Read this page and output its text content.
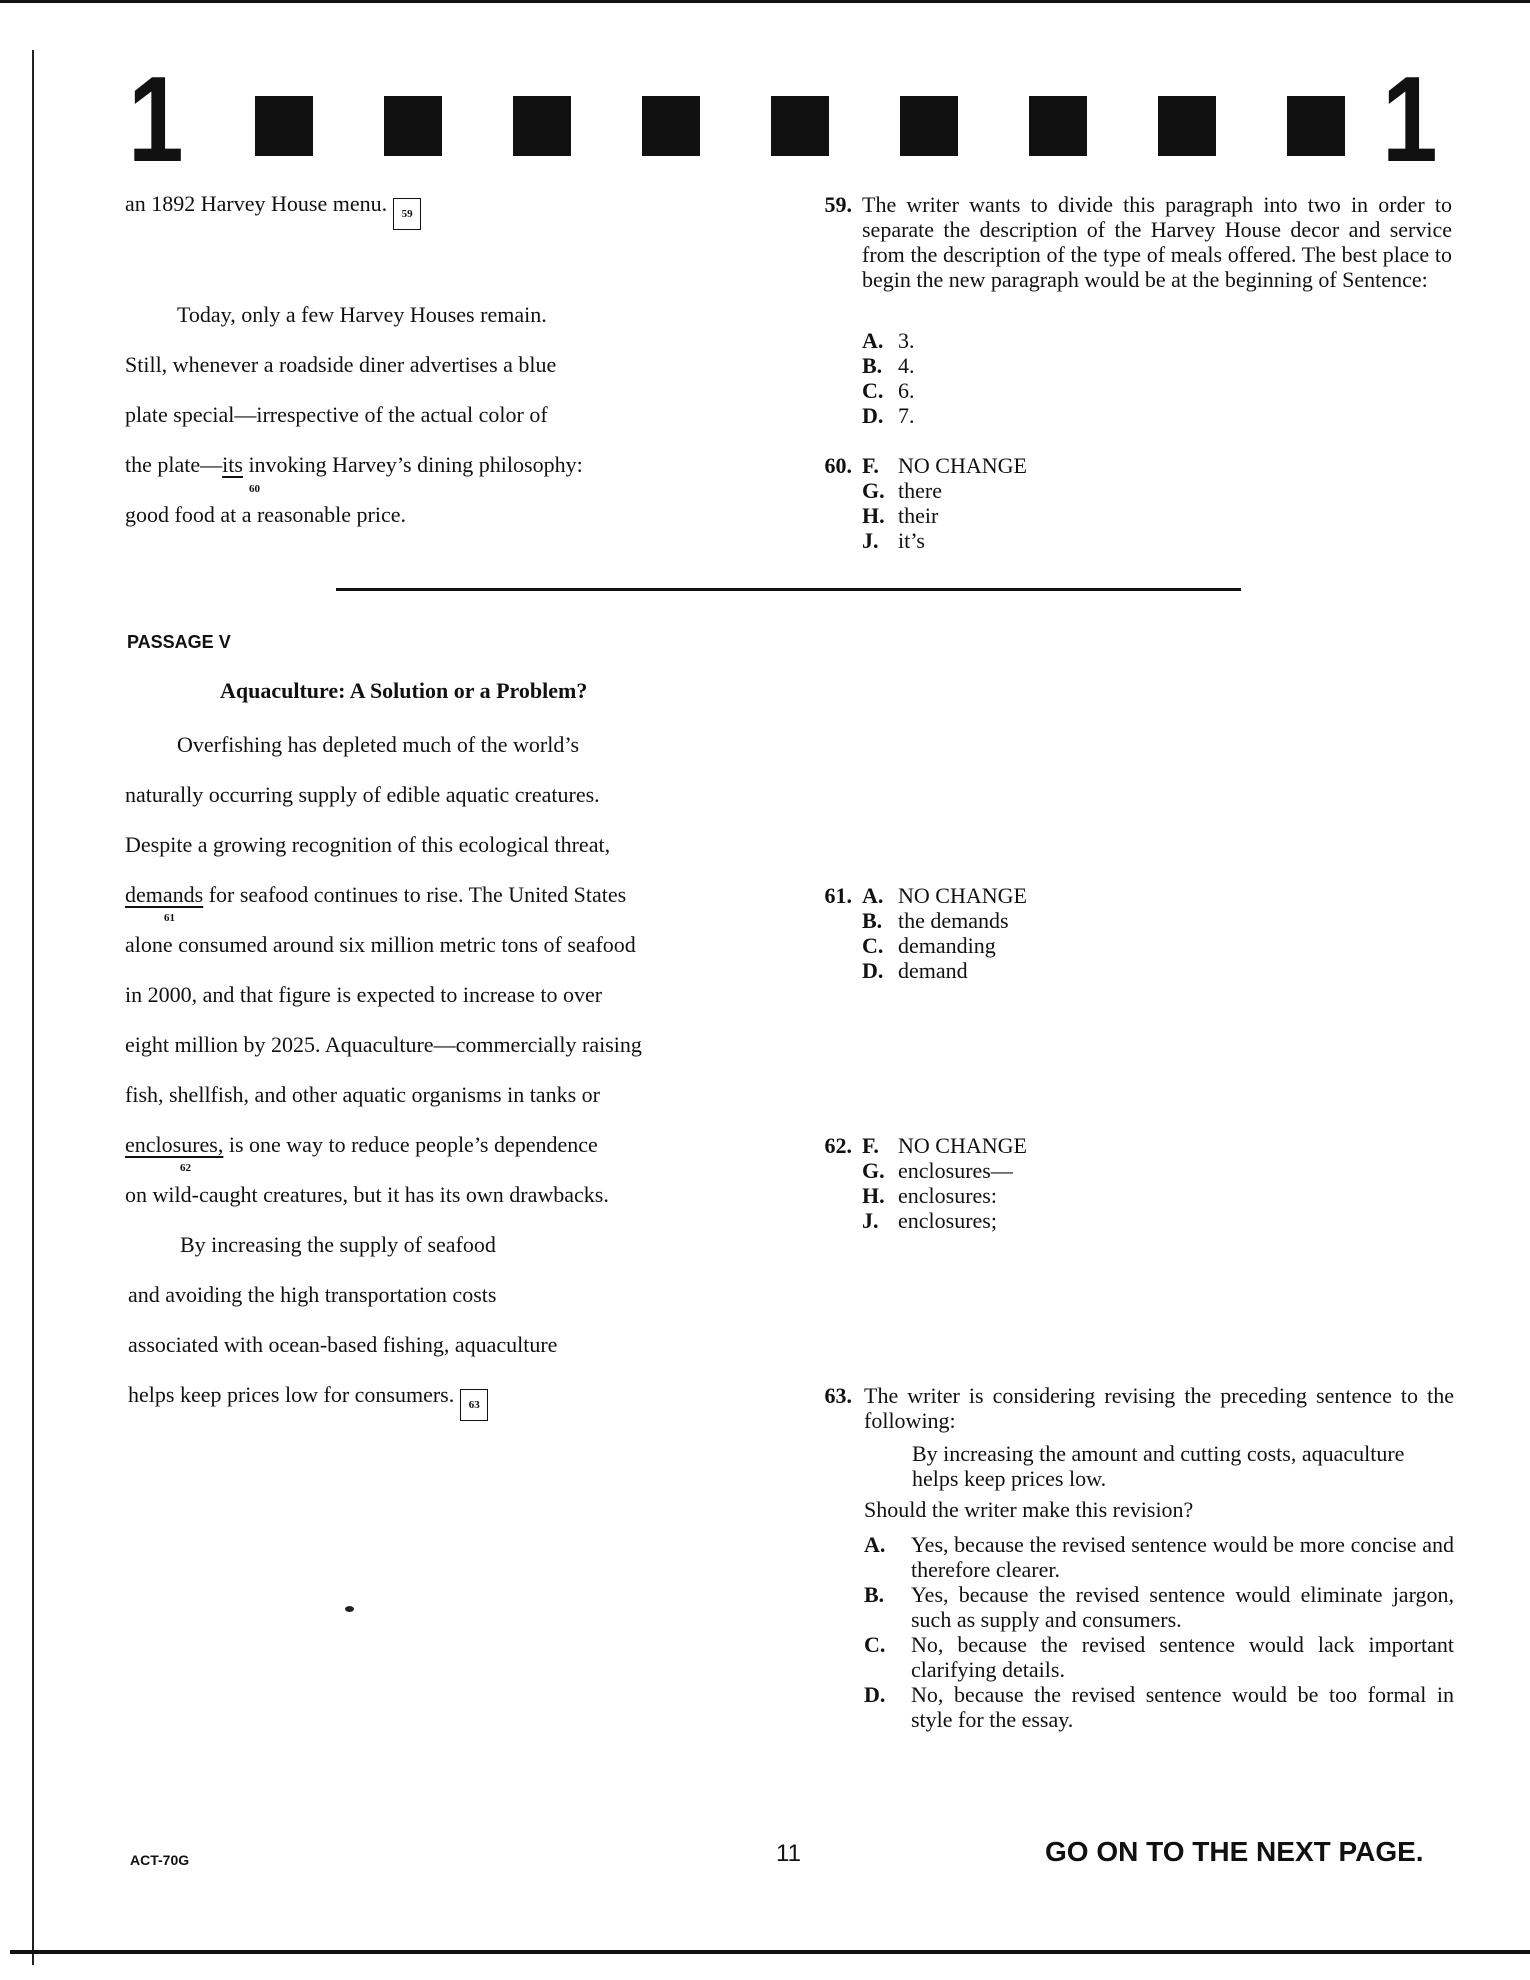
1	1
an 1892 Harvey House menu. 59
Today, only a few Harvey Houses remain.
Still, whenever a roadside diner advertises a blue
plate special—irrespective of the actual color of
the plate—its invoking Harvey’s dining philosophy:
60
good food at a reasonable price.
59. The writer wants to divide this paragraph into two in order to separate the description of the Harvey House decor and service from the description of the type of meals offered. The best place to begin the new paragraph would be at the beginning of Sentence:
A. 3.
B. 4.
C. 6.
D. 7.
60. F. NO CHANGE
G. there
H. their
J. it’s
PASSAGE V
Aquaculture: A Solution or a Problem?
Overfishing has depleted much of the world’s
naturally occurring supply of edible aquatic creatures.
Despite a growing recognition of this ecological threat,
demands for seafood continues to rise. The United States
61
alone consumed around six million metric tons of seafood
in 2000, and that figure is expected to increase to over
eight million by 2025. Aquaculture—commercially raising
fish, shellfish, and other aquatic organisms in tanks or
enclosures, is one way to reduce people’s dependence
62
on wild-caught creatures, but it has its own drawbacks.
By increasing the supply of seafood
and avoiding the high transportation costs
associated with ocean-based fishing, aquaculture
helps keep prices low for consumers. 63
61. A. NO CHANGE
B. the demands
C. demanding
D. demand
62. F. NO CHANGE
G. enclosures—
H. enclosures:
J. enclosures;
63. The writer is considering revising the preceding sentence to the following:
By increasing the amount and cutting costs, aquaculture helps keep prices low.
Should the writer make this revision?
A. Yes, because the revised sentence would be more concise and therefore clearer.
B. Yes, because the revised sentence would eliminate jargon, such as supply and consumers.
C. No, because the revised sentence would lack important clarifying details.
D. No, because the revised sentence would be too formal in style for the essay.
ACT-70G	11	GO ON TO THE NEXT PAGE.
